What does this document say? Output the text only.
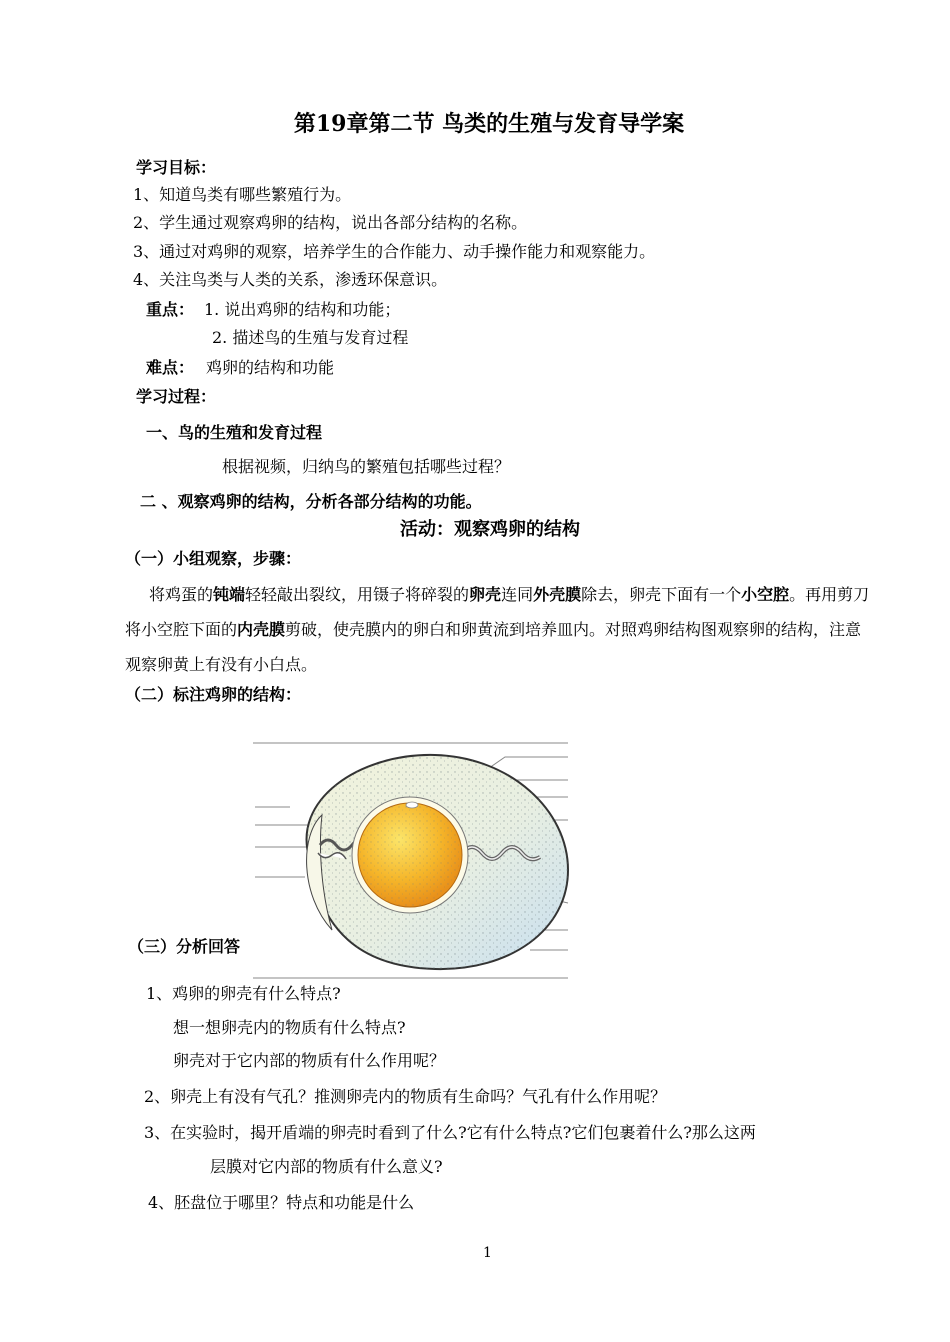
第19章第二节 鸟类的生殖与发育导学案
学习目标：
1、知道鸟类有哪些繁殖行为。
2、学生通过观察鸡卵的结构，说出各部分结构的名称。
3、通过对鸡卵的观察，培养学生的合作能力、动手操作能力和观察能力。
4、关注鸟类与人类的关系，渗透环保意识。
重点： 1. 说出鸡卵的结构和功能；
2. 描述鸟的生殖与发育过程
难点： 鸡卵的结构和功能
学习过程：
一、鸟的生殖和发育过程
根据视频，归纳鸟的繁殖包括哪些过程？
二 、观察鸡卵的结构，分析各部分结构的功能。
活动：观察鸡卵的结构
（一）小组观察，步骤：
将鸡蛋的钝端轻轻敲出裂纹，用镊子将碎裂的卵壳连同外壳膜除去，卵壳下面有一个小空腔。再用剪刀将小空腔下面的内壳膜剪破，使壳膜内的卵白和卵黄流到培养皿内。对照鸡卵结构图观察卵的结构，注意观察卵黄上有没有小白点。
（二）标注鸡卵的结构：
（三）分析回答
1、鸡卵的卵壳有什么特点?
想一想卵壳内的物质有什么特点?
卵壳对于它内部的物质有什么作用呢？
2、卵壳上有没有气孔？推测卵壳内的物质有生命吗？气孔有什么作用呢？
3、在实验时，揭开盾端的卵壳时看到了什么?它有什么特点?它们包裹着什么?那么这两
层膜对它内部的物质有什么意义?
4、胚盘位于哪里？特点和功能是什么
1
